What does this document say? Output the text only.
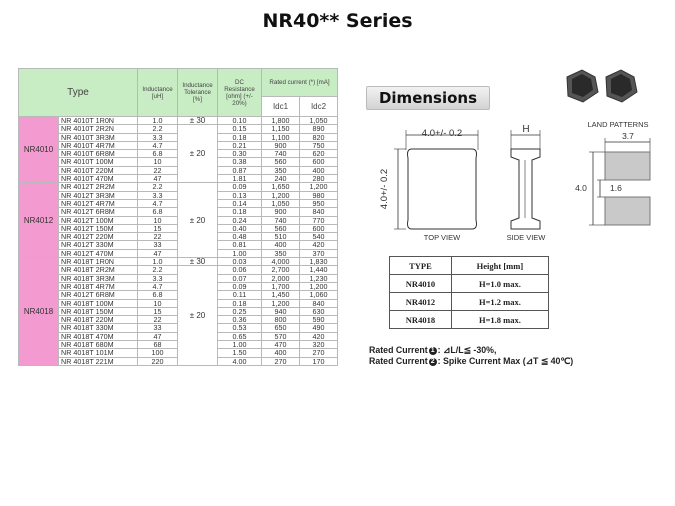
NR40** Series
Type		Inductance [uH]	Inductance Tolerance [%]	DC Resistance [ohm] (+/- 20%)	Rated current (*) [mA]	
					Idc1	Idc2
NR4010	NR 4010T 1R0N	1.0	± 30	0.10	1,800	1,050
	NR 4010T 2R2N	2.2	± 20	0.15	1,150	890
	NR 4010T 3R3M	3.3		0.18	1,100	820
	NR 4010T 4R7M	4.7		0.21	900	750
	NR 4010T 6R8M	6.8		0.30	740	620
	NR 4010T 100M	10		0.38	560	600
	NR 4010T 220M	22		0.87	350	400
	NR 4010T 470M	47		1.81	240	280
NR4012	NR 4012T 2R2M	2.2	± 20	0.09	1,650	1,200
	NR 4012T 3R3M	3.3		0.13	1,200	980
	NR 4012T 4R7M	4.7		0.14	1,050	950
	NR 4012T 6R8M	6.8		0.18	900	840
	NR 4012T 100M	10		0.24	740	770
	NR 4012T 150M	15		0.40	560	600
	NR 4012T 220M	22		0.48	510	540
	NR 4012T 330M	33		0.81	400	420
	NR 4012T 470M	47		1.00	350	370
NR4018	NR 4018T 1R0N	1.0	± 30	0.03	4,000	1,830
	NR 4018T 2R2M	2.2	± 20	0.06	2,700	1,440
	NR 4018T 3R3M	3.3		0.07	2,000	1,230
	NR 4018T 4R7M	4.7		0.09	1,700	1,200
	NR 4012T 6R8M	6.8		0.11	1,450	1,060
	NR 4018T 100M	10		0.18	1,200	840
	NR 4018T 150M	15		0.25	940	630
	NR 4018T 220M	22		0.36	800	590
	NR 4018T 330M	33		0.53	650	490
	NR 4018T 470M	47		0.65	570	420
	NR 4018T 680M	68		1.00	470	320
	NR 4018T 101M	100		1.50	400	270
	NR 4018T 221M	220		4.00	270	170
Dimensions
4.0+/- 0.2
4.0+/- 0.2
TOP VIEW
H
SIDE VIEW
LAND PATTERNS
3.7
4.0	1.6
TYPE	Height [mm]
NR4010	H=1.0 max.
NR4012	H=1.2 max.
NR4018	H=1.8 max.
Rated Current 1 : ⊿L/L≦ -30%,
Rated Current 2 : Spike Current Max (⊿T ≦ 40℃)
